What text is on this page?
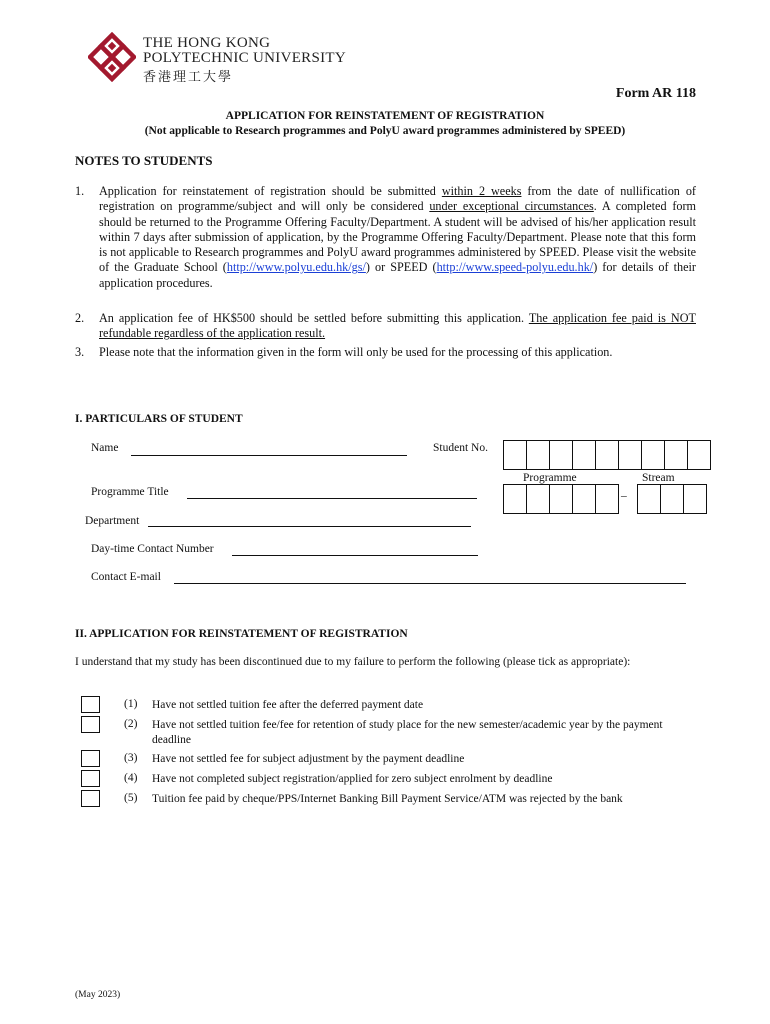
THE HONG KONG
POLYTECHNIC UNIVERSITY
香港理工大學
Form AR 118
APPLICATION FOR REINSTATEMENT OF REGISTRATION
(Not applicable to Research programmes and PolyU award programmes administered by SPEED)
NOTES TO STUDENTS
1. Application for reinstatement of registration should be submitted within 2 weeks from the date of nullification of registration on programme/subject and will only be considered under exceptional circumstances. A completed form should be returned to the Programme Offering Faculty/Department. A student will be advised of his/her application result within 7 days after submission of application, by the Programme Offering Faculty/Department. Please note that this form is not applicable to Research programmes and PolyU award programmes administered by SPEED. Please visit the website of the Graduate School (http://www.polyu.edu.hk/gs/) or SPEED (http://www.speed-polyu.edu.hk/) for details of their application procedures.
2. An application fee of HK$500 should be settled before submitting this application. The application fee paid is NOT refundable regardless of the application result.
3. Please note that the information given in the form will only be used for the processing of this application.
I. PARTICULARS OF STUDENT
Name	Student No.
Programme	Stream
Programme Title	–
Department
Day-time Contact Number
Contact E-mail
II. APPLICATION FOR REINSTATEMENT OF REGISTRATION
I understand that my study has been discontinued due to my failure to perform the following (please tick as appropriate):
(1) Have not settled tuition fee after the deferred payment date
(2) Have not settled tuition fee/fee for retention of study place for the new semester/academic year by the payment deadline
(3) Have not settled fee for subject adjustment by the payment deadline
(4) Have not completed subject registration/applied for zero subject enrolment by deadline
(5) Tuition fee paid by cheque/PPS/Internet Banking Bill Payment Service/ATM was rejected by the bank
(May 2023)
